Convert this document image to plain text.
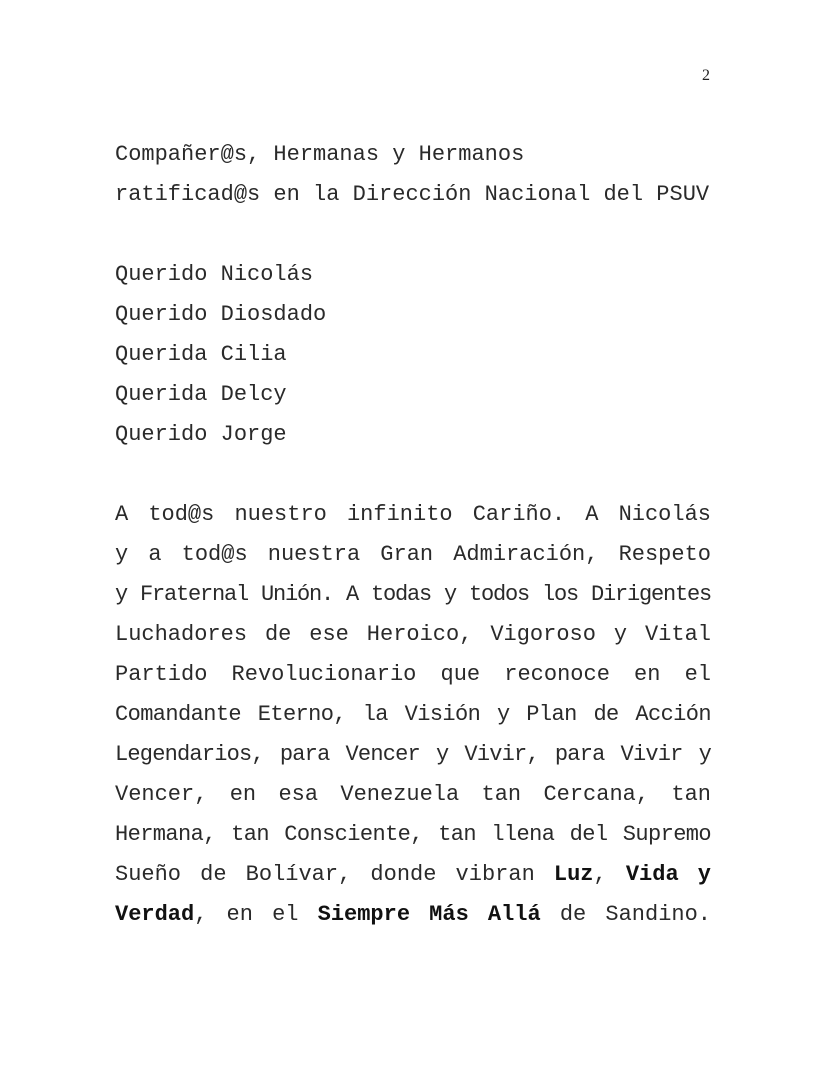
2
Compañer@s, Hermanas y Hermanos
ratificad@s en la Dirección Nacional del PSUV
Querido Nicolás
Querido Diosdado
Querida Cilia
Querida Delcy
Querido Jorge
A tod@s nuestro infinito Cariño. A Nicolás
y a tod@s nuestra Gran Admiración, Respeto
y Fraternal Unión. A todas y todos los Dirigentes
Luchadores de ese Heroico, Vigoroso y Vital
Partido Revolucionario que reconoce en el
Comandante Eterno, la Visión y Plan de Acción
Legendarios, para Vencer y Vivir, para Vivir y
Vencer, en esa Venezuela tan Cercana, tan
Hermana, tan Consciente, tan llena del Supremo
Sueño de Bolívar, donde vibran Luz, Vida y
Verdad, en el Siempre Más Allá de Sandino.
